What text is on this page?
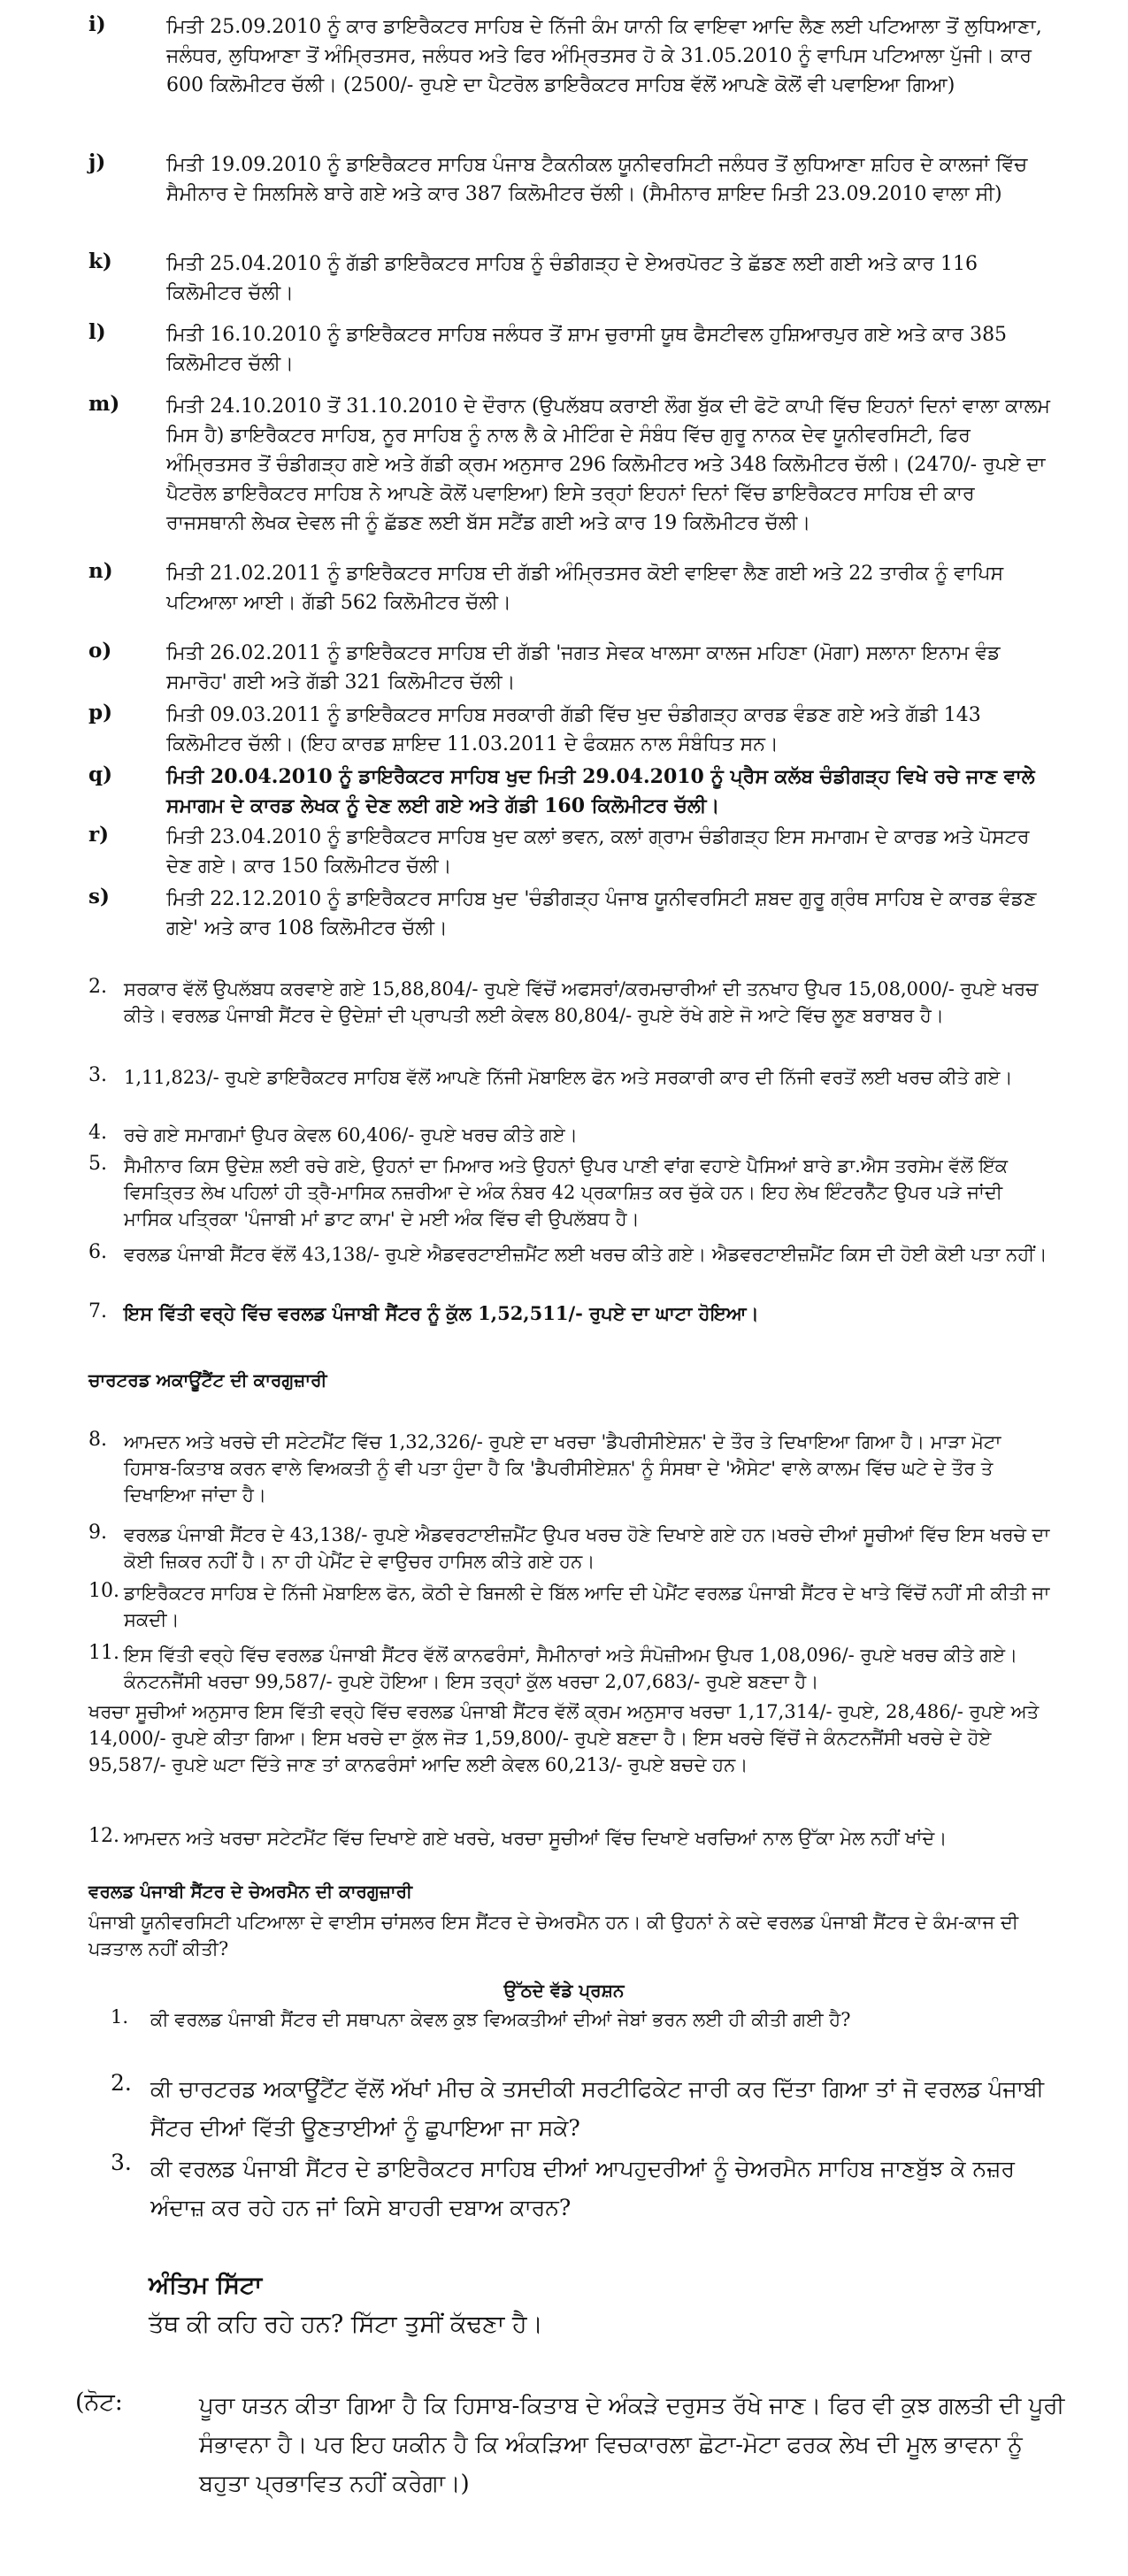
i)	ਮਿਤੀ 25.09.2010 ਨੂੰ ਕਾਰ ਡਾਇਰੈਕਟਰ ਸਾਹਿਬ ਦੇ ਨਿੱਜੀ ਕੰਮ ਯਾਨੀ ਕਿ ਵਾਇਵਾ ਆਦਿ ਲੈਣ ਲਈ ਪਟਿਆਲਾ ਤੋਂ ਲੁਧਿਆਣਾ, ਜਲੰਧਰ, ਲੁਧਿਆਣਾ ਤੋਂ ਅੰਮ੍ਰਿਤਸਰ, ਜਲੰਧਰ ਅਤੇ ਫਿਰ ਅੰਮ੍ਰਿਤਸਰ ਹੋ ਕੇ 31.05.2010 ਨੂੰ ਵਾਪਿਸ ਪਟਿਆਲਾ ਪੁੱਜੀ। ਕਾਰ 600 ਕਿਲੋਮੀਟਰ ਚੱਲੀ। (2500/- ਰੁਪਏ ਦਾ ਪੈਟਰੋਲ ਡਾਇਰੈਕਟਰ ਸਾਹਿਬ ਵੱਲੋਂ ਆਪਣੇ ਕੋਲੋਂ ਵੀ ਪਵਾਇਆ ਗਿਆ)
j)	ਮਿਤੀ 19.09.2010 ਨੂੰ ਡਾਇਰੈਕਟਰ ਸਾਹਿਬ ਪੰਜਾਬ ਟੈਕਨੀਕਲ ਯੂਨੀਵਰਸਿਟੀ ਜਲੰਧਰ ਤੋਂ ਲੁਧਿਆਣਾ ਸ਼ਹਿਰ ਦੇ ਕਾਲਜਾਂ ਵਿੱਚ ਸੈਮੀਨਾਰ ਦੇ ਸਿਲਸਿਲੇ ਬਾਰੇ ਗਏ ਅਤੇ ਕਾਰ 387 ਕਿਲੋਮੀਟਰ ਚੱਲੀ। (ਸੈਮੀਨਾਰ ਸ਼ਾਇਦ ਮਿਤੀ 23.09.2010 ਵਾਲਾ ਸੀ)
k)	ਮਿਤੀ 25.04.2010 ਨੂੰ ਗੱਡੀ ਡਾਇਰੈਕਟਰ ਸਾਹਿਬ ਨੂੰ ਚੰਡੀਗੜ੍ਹ ਦੇ ਏਅਰਪੋਰਟ ਤੇ ਛੱਡਣ ਲਈ ਗਈ ਅਤੇ ਕਾਰ 116 ਕਿਲੋਮੀਟਰ ਚੱਲੀ।
l)	ਮਿਤੀ 16.10.2010 ਨੂੰ ਡਾਇਰੈਕਟਰ ਸਾਹਿਬ ਜਲੰਧਰ ਤੋਂ ਸ਼ਾਮ ਚੁਰਾਸੀ ਯੂਥ ਫੈਸਟੀਵਲ ਹੁਸ਼ਿਆਰਪੁਰ ਗਏ ਅਤੇ ਕਾਰ 385 ਕਿਲੋਮੀਟਰ ਚੱਲੀ।
m) ਮਿਤੀ 24.10.2010 ਤੋਂ 31.10.2010 ਦੇ ਦੌਰਾਨ (ਉਪਲੱਬਧ ਕਰਾਈ ਲੌਗ ਬੁੱਕ ਦੀ ਫੋਟੋ ਕਾਪੀ ਵਿੱਚ ਇਹਨਾਂ ਦਿਨਾਂ ਵਾਲਾ ਕਾਲਮ ਮਿਸ ਹੈ) ਡਾਇਰੈਕਟਰ ਸਾਹਿਬ, ਨੂਰ ਸਾਹਿਬ ਨੂੰ ਨਾਲ ਲੈ ਕੇ ਮੀਟਿੰਗ ਦੇ ਸੰਬੰਧ ਵਿੱਚ ਗੁਰੂ ਨਾਨਕ ਦੇਵ ਯੂਨੀਵਰਸਿਟੀ, ਫਿਰ ਅੰਮ੍ਰਿਤਸਰ ਤੋਂ ਚੰਡੀਗੜ੍ਹ ਗਏ ਅਤੇ ਗੱਡੀ ਕ੍ਰਮ ਅਨੁਸਾਰ 296 ਕਿਲੋਮੀਟਰ ਅਤੇ 348 ਕਿਲੋਮੀਟਰ ਚੱਲੀ। (2470/- ਰੁਪਏ ਦਾ ਪੈਟਰੋਲ ਡਾਇਰੈਕਟਰ ਸਾਹਿਬ ਨੇ ਆਪਣੇ ਕੋਲੋਂ ਪਵਾਇਆ) ਇਸੇ ਤਰ੍ਹਾਂ ਇਹਨਾਂ ਦਿਨਾਂ ਵਿੱਚ ਡਾਇਰੈਕਟਰ ਸਾਹਿਬ ਦੀ ਕਾਰ ਰਾਜਸਥਾਨੀ ਲੇਖਕ ਦੇਵਲ ਜੀ ਨੂੰ ਛੱਡਣ ਲਈ ਬੱਸ ਸਟੈਂਡ ਗਈ ਅਤੇ ਕਾਰ 19 ਕਿਲੋਮੀਟਰ ਚੱਲੀ।
n)	ਮਿਤੀ 21.02.2011 ਨੂੰ ਡਾਇਰੈਕਟਰ ਸਾਹਿਬ ਦੀ ਗੱਡੀ ਅੰਮ੍ਰਿਤਸਰ ਕੋਈ ਵਾਇਵਾ ਲੈਣ ਗਈ ਅਤੇ 22 ਤਾਰੀਕ ਨੂੰ ਵਾਪਿਸ ਪਟਿਆਲਾ ਆਈ। ਗੱਡੀ 562 ਕਿਲੋਮੀਟਰ ਚੱਲੀ।
o)	ਮਿਤੀ 26.02.2011 ਨੂੰ ਡਾਇਰੈਕਟਰ ਸਾਹਿਬ ਦੀ ਗੱਡੀ 'ਜਗਤ ਸੇਵਕ ਖਾਲਸਾ ਕਾਲਜ ਮਹਿਣਾ (ਮੋਗਾ) ਸਲਾਨਾ ਇਨਾਮ ਵੰਡ ਸਮਾਰੋਹ' ਗਈ ਅਤੇ ਗੱਡੀ 321 ਕਿਲੋਮੀਟਰ ਚੱਲੀ।
p)	ਮਿਤੀ 09.03.2011 ਨੂੰ ਡਾਇਰੈਕਟਰ ਸਾਹਿਬ ਸਰਕਾਰੀ ਗੱਡੀ ਵਿੱਚ ਖੁਦ ਚੰਡੀਗੜ੍ਹ ਕਾਰਡ ਵੰਡਣ ਗਏ ਅਤੇ ਗੱਡੀ 143 ਕਿਲੋਮੀਟਰ ਚੱਲੀ। (ਇਹ ਕਾਰਡ ਸ਼ਾਇਦ 11.03.2011 ਦੇ ਫੰਕਸ਼ਨ ਨਾਲ ਸੰਬੰਧਿਤ ਸਨ।
q)	ਮਿਤੀ 20.04.2010 ਨੂੰ ਡਾਇਰੈਕਟਰ ਸਾਹਿਬ ਖੁਦ ਮਿਤੀ 29.04.2010 ਨੂੰ ਪ੍ਰੈਸ ਕਲੱਬ ਚੰਡੀਗੜ੍ਹ ਵਿਖੇ ਰਚੇ ਜਾਣ ਵਾਲੇ ਸਮਾਗਮ ਦੇ ਕਾਰਡ ਲੇਖਕ ਨੂੰ ਦੇਣ ਲਈ ਗਏ ਅਤੇ ਗੱਡੀ 160 ਕਿਲੋਮੀਟਰ ਚੱਲੀ।
r)	ਮਿਤੀ 23.04.2010 ਨੂੰ ਡਾਇਰੈਕਟਰ ਸਾਹਿਬ ਖੁਦ ਕਲਾਂ ਭਵਨ, ਕਲਾਂ ਗ੍ਰਾਮ ਚੰਡੀਗੜ੍ਹ ਇਸ ਸਮਾਗਮ ਦੇ ਕਾਰਡ ਅਤੇ ਪੋਸਟਰ ਦੇਣ ਗਏ। ਕਾਰ 150 ਕਿਲੋਮੀਟਰ ਚੱਲੀ।
s)	ਮਿਤੀ 22.12.2010 ਨੂੰ ਡਾਇਰੈਕਟਰ ਸਾਹਿਬ ਖੁਦ 'ਚੰਡੀਗੜ੍ਹ ਪੰਜਾਬ ਯੂਨੀਵਰਸਿਟੀ ਸ਼ਬਦ ਗੁਰੂ ਗ੍ਰੰਥ ਸਾਹਿਬ ਦੇ ਕਾਰਡ ਵੰਡਣ ਗਏ' ਅਤੇ ਕਾਰ 108 ਕਿਲੋਮੀਟਰ ਚੱਲੀ।
2. ਸਰਕਾਰ ਵੱਲੋਂ ਉਪਲੱਬਧ ਕਰਵਾਏ ਗਏ 15,88,804/- ਰੁਪਏ ਵਿੱਚੋਂ ਅਫਸਰਾਂ/ਕਰਮਚਾਰੀਆਂ ਦੀ ਤਨਖਾਹ ਉਪਰ 15,08,000/- ਰੁਪਏ ਖਰਚ ਕੀਤੇ। ਵਰਲਡ ਪੰਜਾਬੀ ਸੈਂਟਰ ਦੇ ਉਦੇਸ਼ਾਂ ਦੀ ਪ੍ਰਾਪਤੀ ਲਈ ਕੇਵਲ 80,804/- ਰੁਪਏ ਰੱਖੇ ਗਏ ਜੋ ਆਟੇ ਵਿੱਚ ਲੂਣ ਬਰਾਬਰ ਹੈ।
3. 1,11,823/- ਰੁਪਏ ਡਾਇਰੈਕਟਰ ਸਾਹਿਬ ਵੱਲੋਂ ਆਪਣੇ ਨਿੱਜੀ ਮੋਬਾਇਲ ਫੋਨ ਅਤੇ ਸਰਕਾਰੀ ਕਾਰ ਦੀ ਨਿੱਜੀ ਵਰਤੋਂ ਲਈ ਖਰਚ ਕੀਤੇ ਗਏ।
4. ਰਚੇ ਗਏ ਸਮਾਗਮਾਂ ਉਪਰ ਕੇਵਲ 60,406/- ਰੁਪਏ ਖਰਚ ਕੀਤੇ ਗਏ।
5. ਸੈਮੀਨਾਰ ਕਿਸ ਉਦੇਸ਼ ਲਈ ਰਚੇ ਗਏ, ਉਹਨਾਂ ਦਾ ਮਿਆਰ ਅਤੇ ਉਹਨਾਂ ਉਪਰ ਪਾਣੀ ਵਾਂਗ ਵਹਾਏ ਪੈਸਿਆਂ ਬਾਰੇ ਡਾ.ਐਸ ਤਰਸੇਮ ਵੱਲੋਂ ਇੱਕ ਵਿਸਤ੍ਰਿਤ ਲੇਖ ਪਹਿਲਾਂ ਹੀ ਤ੍ਰੈ-ਮਾਸਿਕ ਨਜ਼ਰੀਆ ਦੇ ਅੰਕ ਨੰਬਰ 42 ਪ੍ਰਕਾਸ਼ਿਤ ਕਰ ਚੁੱਕੇ ਹਨ। ਇਹ ਲੇਖ ਇੰਟਰਨੈੱਟ ਉਪਰ ਪੜੇ ਜਾਂਦੀ ਮਾਸਿਕ ਪਤ੍ਰਿਕਾ 'ਪੰਜਾਬੀ ਮਾਂ ਡਾਟ ਕਾਮ' ਦੇ ਮਈ ਅੰਕ ਵਿੱਚ ਵੀ ਉਪਲੱਬਧ ਹੈ।
6. ਵਰਲਡ ਪੰਜਾਬੀ ਸੈਂਟਰ ਵੱਲੋਂ 43,138/- ਰੁਪਏ ਐਡਵਰਟਾਈਜ਼ਮੈਂਟ ਲਈ ਖਰਚ ਕੀਤੇ ਗਏ। ਐਡਵਰਟਾਈਜ਼ਮੈਂਟ ਕਿਸ ਦੀ ਹੋਈ ਕੋਈ ਪਤਾ ਨਹੀਂ।
7. ਇਸ ਵਿੱਤੀ ਵਰ੍ਹੇ ਵਿੱਚ ਵਰਲਡ ਪੰਜਾਬੀ ਸੈਂਟਰ ਨੂੰ ਕੁੱਲ 1,52,511/- ਰੁਪਏ ਦਾ ਘਾਟਾ ਹੋਇਆ।
ਚਾਰਟਰਡ ਅਕਾਊਂਟੈਂਟ ਦੀ ਕਾਰਗੁਜ਼ਾਰੀ
8. ਆਮਦਨ ਅਤੇ ਖਰਚੇ ਦੀ ਸਟੇਟਮੈਂਟ ਵਿੱਚ 1,32,326/- ਰੁਪਏ ਦਾ ਖਰਚਾ 'ਡੈਪਰੀਸੀਏਸ਼ਨ' ਦੇ ਤੌਰ ਤੇ ਦਿਖਾਇਆ ਗਿਆ ਹੈ। ਮਾੜਾ ਮੋਟਾ ਹਿਸਾਬ-ਕਿਤਾਬ ਕਰਨ ਵਾਲੇ ਵਿਅਕਤੀ ਨੂੰ ਵੀ ਪਤਾ ਹੁੰਦਾ ਹੈ ਕਿ 'ਡੈਪਰੀਸੀਏਸ਼ਨ' ਨੂੰ ਸੰਸਥਾ ਦੇ 'ਐਸੇਟ' ਵਾਲੇ ਕਾਲਮ ਵਿੱਚ ਘਟੇ ਦੇ ਤੌਰ ਤੇ ਦਿਖਾਇਆ ਜਾਂਦਾ ਹੈ।
9. ਵਰਲਡ ਪੰਜਾਬੀ ਸੈਂਟਰ ਦੇ 43,138/- ਰੁਪਏ ਐਡਵਰਟਾਈਜ਼ਮੈਂਟ ਉਪਰ ਖਰਚ ਹੋਣੇ ਦਿਖਾਏ ਗਏ ਹਨ।ਖਰਚੇ ਦੀਆਂ ਸੂਚੀਆਂ ਵਿੱਚ ਇਸ ਖਰਚੇ ਦਾ ਕੋਈ ਜ਼ਿਕਰ ਨਹੀਂ ਹੈ। ਨਾ ਹੀ ਪੇਮੈਂਟ ਦੇ ਵਾਉਚਰ ਹਾਸਿਲ ਕੀਤੇ ਗਏ ਹਨ।
10. ਡਾਇਰੈਕਟਰ ਸਾਹਿਬ ਦੇ ਨਿੱਜੀ ਮੋਬਾਇਲ ਫੋਨ, ਕੋਠੀ ਦੇ ਬਿਜਲੀ ਦੇ ਬਿੱਲ ਆਦਿ ਦੀ ਪੇਮੈਂਟ ਵਰਲਡ ਪੰਜਾਬੀ ਸੈਂਟਰ ਦੇ ਖਾਤੇ ਵਿੱਚੋਂ ਨਹੀਂ ਸੀ ਕੀਤੀ ਜਾ ਸਕਦੀ।
11. ਇਸ ਵਿੱਤੀ ਵਰ੍ਹੇ ਵਿੱਚ ਵਰਲਡ ਪੰਜਾਬੀ ਸੈਂਟਰ ਵੱਲੋਂ ਕਾਨਫਰੰਸਾਂ, ਸੈਮੀਨਾਰਾਂ ਅਤੇ ਸੰਪੋਜ਼ੀਅਮ ਉਪਰ 1,08,096/- ਰੁਪਏ ਖਰਚ ਕੀਤੇ ਗਏ। ਕੰਨਟਨਜੈਂਸੀ ਖਰਚਾ 99,587/- ਰੁਪਏ ਹੋਇਆ। ਇਸ ਤਰ੍ਹਾਂ ਕੁੱਲ ਖਰਚਾ 2,07,683/- ਰੁਪਏ ਬਣਦਾ ਹੈ।
ਖਰਚਾ ਸੂਚੀਆਂ ਅਨੁਸਾਰ ਇਸ ਵਿੱਤੀ ਵਰ੍ਹੇ ਵਿੱਚ ਵਰਲਡ ਪੰਜਾਬੀ ਸੈਂਟਰ ਵੱਲੋਂ ਕ੍ਰਮ ਅਨੁਸਾਰ ਖਰਚਾ 1,17,314/- ਰੁਪਏ, 28,486/- ਰੁਪਏ ਅਤੇ 14,000/- ਰੁਪਏ ਕੀਤਾ ਗਿਆ। ਇਸ ਖਰਚੇ ਦਾ ਕੁੱਲ ਜੋੜ 1,59,800/- ਰੁਪਏ ਬਣਦਾ ਹੈ। ਇਸ ਖਰਚੇ ਵਿੱਚੋਂ ਜੇ ਕੰਨਟਨਜੈਂਸੀ ਖਰਚੇ ਦੇ ਹੋਏ 95,587/- ਰੁਪਏ ਘਟਾ ਦਿੱਤੇ ਜਾਣ ਤਾਂ ਕਾਨਫਰੰਸਾਂ ਆਦਿ ਲਈ ਕੇਵਲ 60,213/- ਰੁਪਏ ਬਚਦੇ ਹਨ।
12. ਆਮਦਨ ਅਤੇ ਖਰਚਾ ਸਟੇਟਮੈਂਟ ਵਿੱਚ ਦਿਖਾਏ ਗਏ ਖਰਚੇ, ਖਰਚਾ ਸੂਚੀਆਂ ਵਿੱਚ ਦਿਖਾਏ ਖਰਚਿਆਂ ਨਾਲ ਉੱਕਾ ਮੇਲ ਨਹੀਂ ਖਾਂਦੇ।
ਵਰਲਡ ਪੰਜਾਬੀ ਸੈਂਟਰ ਦੇ ਚੇਅਰਮੈਨ ਦੀ ਕਾਰਗੁਜ਼ਾਰੀ
ਪੰਜਾਬੀ ਯੂਨੀਵਰਸਿਟੀ ਪਟਿਆਲਾ ਦੇ ਵਾਈਸ ਚਾਂਸਲਰ ਇਸ ਸੈਂਟਰ ਦੇ ਚੇਅਰਮੈਨ ਹਨ। ਕੀ ਉਹਨਾਂ ਨੇ ਕਦੇ ਵਰਲਡ ਪੰਜਾਬੀ ਸੈਂਟਰ ਦੇ ਕੰਮ-ਕਾਜ ਦੀ ਪੜਤਾਲ ਨਹੀਂ ਕੀਤੀ?
ਉੱਠਦੇ ਵੱਡੇ ਪ੍ਰਸ਼ਨ
1. ਕੀ ਵਰਲਡ ਪੰਜਾਬੀ ਸੈਂਟਰ ਦੀ ਸਥਾਪਨਾ ਕੇਵਲ ਕੁਝ ਵਿਅਕਤੀਆਂ ਦੀਆਂ ਜੇਬਾਂ ਭਰਨ ਲਈ ਹੀ ਕੀਤੀ ਗਈ ਹੈ?
2. ਕੀ ਚਾਰਟਰਡ ਅਕਾਊਂਟੈਂਟ ਵੱਲੋਂ ਅੱਖਾਂ ਮੀਚ ਕੇ ਤਸਦੀਕੀ ਸਰਟੀਫਿਕੇਟ ਜਾਰੀ ਕਰ ਦਿੱਤਾ ਗਿਆ ਤਾਂ ਜੋ ਵਰਲਡ ਪੰਜਾਬੀ ਸੈਂਟਰ ਦੀਆਂ ਵਿੱਤੀ ਊਣਤਾਈਆਂ ਨੂੰ ਛੁਪਾਇਆ ਜਾ ਸਕੇ?
3. ਕੀ ਵਰਲਡ ਪੰਜਾਬੀ ਸੈਂਟਰ ਦੇ ਡਾਇਰੈਕਟਰ ਸਾਹਿਬ ਦੀਆਂ ਆਪਹੁਦਰੀਆਂ ਨੂੰ ਚੇਅਰਮੈਨ ਸਾਹਿਬ ਜਾਣਬੁੱਝ ਕੇ ਨਜ਼ਰ ਅੰਦਾਜ਼ ਕਰ ਰਹੇ ਹਨ ਜਾਂ ਕਿਸੇ ਬਾਹਰੀ ਦਬਾਅ ਕਾਰਨ?
ਅੰਤਿਮ ਸਿੱਟਾ
ਤੱਥ ਕੀ ਕਹਿ ਰਹੇ ਹਨ? ਸਿੱਟਾ ਤੁਸੀਂ ਕੱਢਣਾ ਹੈ।
(ਨੋਟ:	ਪੂਰਾ ਯਤਨ ਕੀਤਾ ਗਿਆ ਹੈ ਕਿ ਹਿਸਾਬ-ਕਿਤਾਬ ਦੇ ਅੰਕੜੇ ਦਰੁਸਤ ਰੱਖੇ ਜਾਣ। ਫਿਰ ਵੀ ਕੁਝ ਗਲਤੀ ਦੀ ਪੂਰੀ ਸੰਭਾਵਨਾ ਹੈ। ਪਰ ਇਹ ਯਕੀਨ ਹੈ ਕਿ ਅੰਕੜਿਆ ਵਿਚਕਾਰਲਾ ਛੋਟਾ-ਮੋਟਾ ਫਰਕ ਲੇਖ ਦੀ ਮੂਲ ਭਾਵਨਾ ਨੂੰ ਬਹੁਤਾ ਪ੍ਰਭਾਵਿਤ ਨਹੀਂ ਕਰੇਗਾ।)
